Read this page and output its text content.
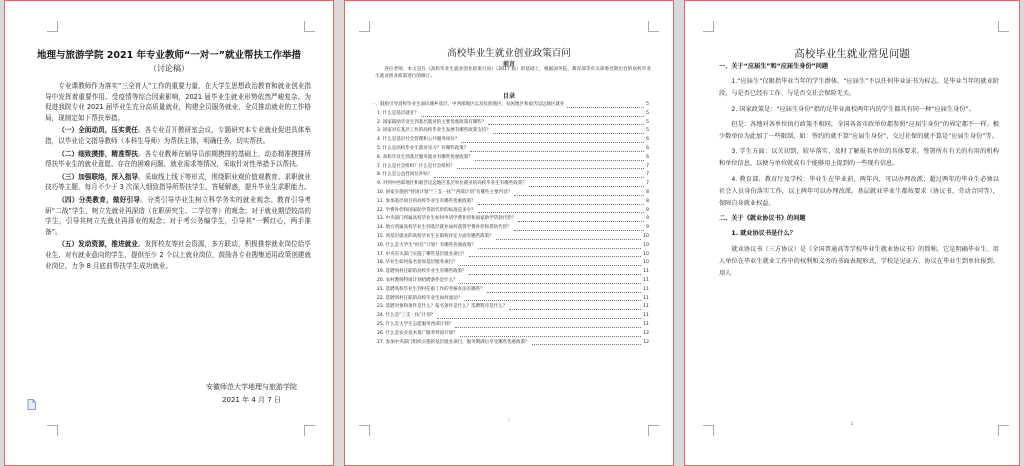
地理与旅游学院 2021 年专业教师“一对一”就业帮扶工作举措
（讨论稿）

专业课教师作为落实“三全育人”工作的重要力量，在大学生思想政治教育和就业创业指导中发挥着重要作用。受疫情等综合因素影响，2021 届毕业生就业形势依然严峻复杂。为促进我院专业 2021 届毕业生充分高质量就业，构建全员服务就业，全员推动就业的工作格局，现制定如下帮扶举措。

（一）全面动员，压实责任。各专业召开教研室会议，专题研究本专业就业促进具体举措，以毕业论文指导教师（本科生导师）为帮扶主体，明确任务，切实帮扶。

（二）细致摸排，精准帮扶。各专业教师在辅导员前期摸排的基础上，动态精准摸排所帮扶毕业生的就业意愿、存在的困难问题、就业需求等情况，采取针对性举措予以帮扶。

（三）加强联络，深入指导。采取线上线下等形式，围绕职业观价值观教育、求职就业技巧等主题，每月不少于 3 次深入细致指导所帮扶学生，答疑解惑，提升毕业生求职能力。

（四）分类教育，做好引导。分类引导毕业生树立科学务实的就业观念。教育引导考研“二战”学生，树立先就业再深造（在职研究生、二学位等）的观念；对于就业期望较高的学生，引导其树立先就业再择业的观念；对于考公务编学生，引导其“一颗红心，两手准备”。

（五）发动资源，推进就业。发挥校友等社会资源，多方联动，积极推荐就业岗位给毕业生，对有就业意向的学生，提供至少 2 个以上就业岗位，鼓励各专业搜集适用政策创建就业岗位，力争 8 月底前帮扶学生成功就业。

安徽师范大学地理与旅游学院
2021 年 4 月 7 日
高校毕业生就业创业政策百问
前言
各位老师，本文是在《高校毕业生就业创业政策百问》（2017 版）的基础上，根据国务院、教育部等有关部委近期出台的高校毕业生就业创业政策进行的修订。
目录
一、鼓励引导高校毕业生面向城乡基层、中西部地区以及民族地区、贫困地区和艰苦边远地区就业	5
1. 什么是基层就业？	5
2. 国家鼓励毕业生到基层就业的主要优惠政策有哪些？	5
3. 国家对在基层工作的高校毕业生发展有哪些政策支持？	5
4. 什么是基层社会管理和公共服务岗位？	6
5. 什么是高校毕业生就业见习？有哪些政策？	6
6. 高校毕业生到基层服务就业有哪些优惠政策？	6
7. 什么是社会组织？什么是社会组织？	7
8. 什么是公益性岗位补贴？	7
9. 对到中西部地区和艰苦边远地区基层单位就业的高校毕业生有哪些政策？	7
10. 国家实施的“特岗计划”“三支一扶”“西部计划”有哪些主要内容？	8
11. 参加基层项目的高校毕业生有哪些优惠政策？	8
12. 学费补偿和国家助学贷款代偿的标准是多少？	9
13. 中央部门所属高校毕业生如何申请学费补偿和国家助学贷款代偿？	9
14. 地方所属高校毕业生到基层就业如何获得学费补偿和贷款代偿？	9
15. 到基层就业的高校毕业生在职称评定方面有哪些政策？	10
16. 什么是大学生“村官”计划？有哪些优惠政策？	10
17. 中央有关部门实施了哪些基层就业项目？	10
18. 毕业生如何报名参加基层服务项目？	10
19. 选聘到村任职的高校毕业生有哪些政策？	11
20. 农村教师特岗计划招聘条件是什么？	11
21. 选聘高校毕业生到村任职工作的考核办法有哪些？	11
22. 选聘到村任职的高校毕业生如何流动？	11
23. 选聘对象和条件是什么？报名条件是什么？选聘程序是什么？	11
24. 什么是“三支一扶”计划？	11
25. 什么是大学生志愿服务西部计划？	11
26. 什么是农业技术推广服务特岗计划？	12
27. 参加中央部门组织实施的基层就业项目，服务期满后享受哪些优惠政策？	12
i
高校毕业生就业常见问题

一、关于“应届生”和“应届生身份”问题

1.“应届生”仅限指毕业当年的学生群体。“应届生”不以任何毕业证书为标志，是毕业当年的就业阶段，与是否已经有工作、与是否交社会保险无关。

2. 国家政策是：“应届生身份”指的是毕业离校两年内的学生都具有同一种“应届生身份”。

但是：各地对各单位执行政策不相同，全国各省市政单位都参照“应届生身份”的界定都不一样。极少数单位为此加了一些限制，如：签约的就不算“应届生身份”，交过社保的就不算是“应届生身份”等。

3. 学生方面：以关切到、较早落实，及时了解报名单位的具体要求。签署所有有关的有用的机构和单位信息，以便与单位就成有个能够用上提到的一些现有信息。

4. 教育部、教育厅及学校：毕业生在毕业前、两年内，可以办理改派；超过两年的毕业生必须以社会人员身份落实工作，以上两年可以办理改派。基层就业毕业生都按要求（协议书、劳动合同等），保障自身就业权益。

二、关于《就业协议书》的问题

1. 就业协议书是什么？

就业协议书（三方协议）是《全国普通高等学校毕业生就业协议书》的简称，它是明确毕业生、用人单位在毕业生就业工作中的权利和义务的书面表现形式，学校是见证方。协议在毕业生到单位报到、用人

1
